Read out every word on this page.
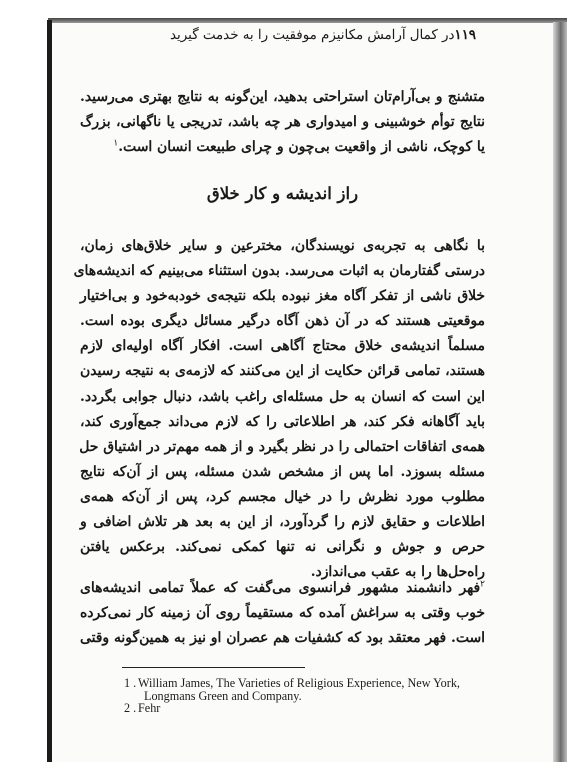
۱۱۹در کمال آرامش مکانیزم موفقیت را به خدمت گیرید
متشنج و بی‌آرام‌تان استراحتی بدهید، این‌گونه به نتایج بهتری می‌رسید.
نتایج توأم خوشبینی و امیدواری هر چه باشد، تدریجی یا ناگهانی، بزرگ
یا کوچک، ناشی از واقعیت بی‌چون و چرای طبیعت انسان است.$^۱$
راز اندیشه و کار خلاق
با نگاهی به تجربه‌ی نویسندگان، مخترعین و سایر خلاق‌های زمان،
درستی گفتارمان به اثبات می‌رسد. بدون استثناء می‌بینیم که اندیشه‌های
خلاق ناشی از تفکر آگاه مغز نبوده بلکه نتیجه‌ی خودبه‌خود و بی‌اختیار
موقعیتی هستند که در آن ذهن آگاه درگیر مسائل دیگری بوده است.
مسلماً اندیشه‌ی خلاق محتاج آگاهی است. افکار آگاه اولیه‌ای لازم
هستند، تمامی قرائن حکایت از این می‌کنند که لازمه‌ی به نتیجه رسیدن
این است که انسان به حل مسئله‌ای راغب باشد، دنبال جوابی بگردد.
باید آگاهانه فکر کند، هر اطلاعاتی را که لازم می‌داند جمع‌آوری کند،
همه‌ی اتفاقات احتمالی را در نظر بگیرد و از همه مهم‌تر در اشتیاق حل
مسئله بسوزد. اما پس از مشخص شدن مسئله، پس از آن‌که نتایج
مطلوب مورد نظرش را در خیال مجسم کرد، پس از آن‌که همه‌ی
اطلاعات و حقایق لازم را گردآورد، از این به بعد هر تلاش اضافی و
حرص و جوش و نگرانی نه تنها کمکی نمی‌کند. برعکس یافتن
راه‌حل‌ها را به عقب می‌اندازد.
$^۲$فهر دانشمند مشهور فرانسوی می‌گفت که عملاً تمامی اندیشه‌های
خوب وقتی به سراغش آمده که مستقیماً روی آن زمینه کار نمی‌کرده
است. فهر معتقد بود که کشفیات هم عصران او نیز به همین‌گونه وقتی
1 . William James, The Varieties of Religious Experience, New York,
Longmans Green and Company.
2 . Fehr
